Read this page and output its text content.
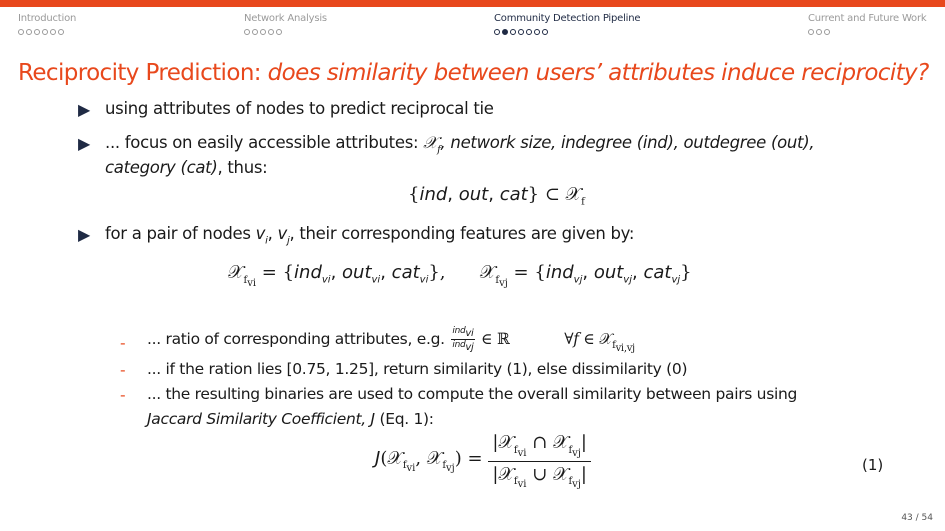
Introduction	Network Analysis	Community Detection Pipeline	Current and Future Work
Reciprocity Prediction: does similarity between users’ attributes induce reciprocity?
▶ using attributes of nodes to predict reciprocal tie
▶ ... focus on easily accessible attributes: 𝒳$_f$, network size, indegree (ind), outdegree (out),
category (cat), thus:
{ind, out, cat} ⊂ 𝒳$_f$
▶ for a pair of nodes $v_i$, $v_j$, their corresponding features are given by:
𝒳$_{f_{vi}}$ = {ind$_{vi}$, out$_{vi}$, cat$_{vi}$}, 𝒳$_{f_{vj}}$ = {ind$_{vj}$, out$_{vj}$, cat$_{vj}$}
- ... ratio of corresponding attributes, e.g. $\frac{ind_{vi}}{ind_{vj}}$ ∈ ℝ	∀f ∈ 𝒳$_{f_{vi,vj}}$
- ... if the ration lies [0.75, 1.25], return similarity (1), else dissimilarity (0)
- ... the resulting binaries are used to compute the overall similarity between pairs using
Jaccard Similarity Coefficient, J (Eq. 1):
J(𝒳$_{f_{vi}}$, 𝒳$_{f_{vj}}$) = $\frac{|𝒳_{f_{vi}} \cap 𝒳_{f_{vj}}|}{|𝒳_{f_{vi}} \cup 𝒳_{f_{vj}}|}$	(1)
43 / 54
